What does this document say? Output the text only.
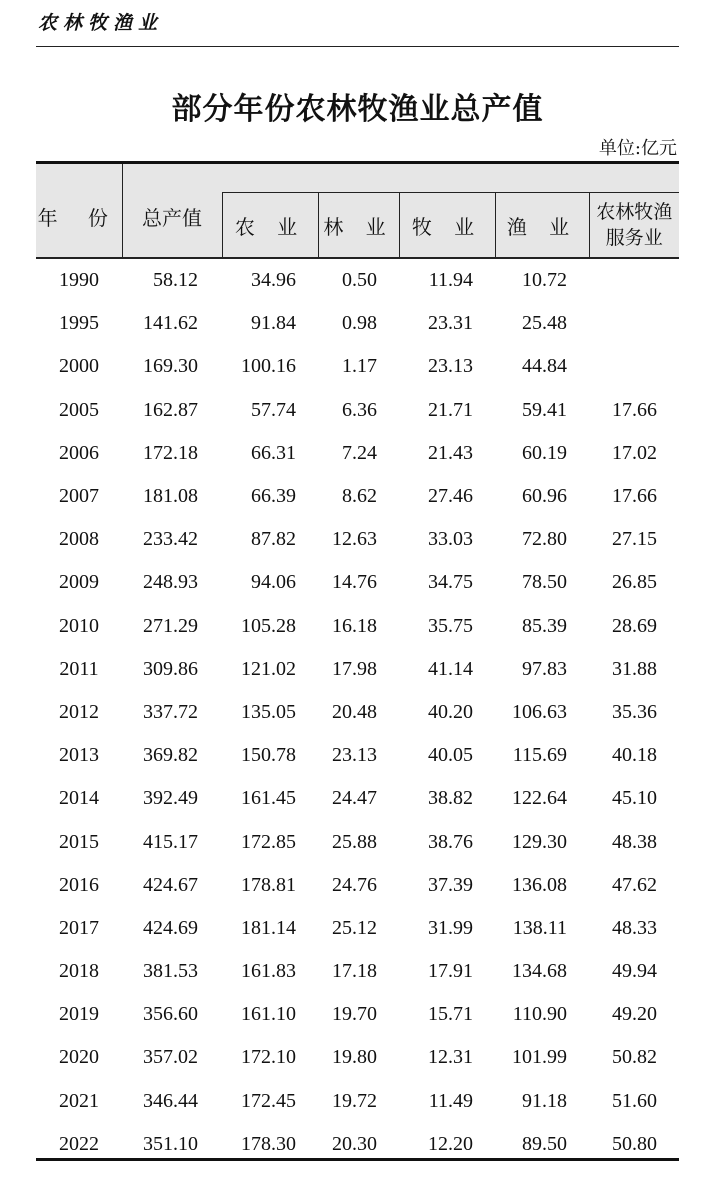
农林牧渔业
部分年份农林牧渔业总产值
单位:亿元
年 份	总产值					
		农 业	林 业	牧 业	渔 业	农林牧渔
服务业

1990	58.12	34.96	0.50	11.94	10.72	
1995	141.62	91.84	0.98	23.31	25.48	
2000	169.30	100.16	1.17	23.13	44.84	
2005	162.87	57.74	6.36	21.71	59.41	17.66
2006	172.18	66.31	7.24	21.43	60.19	17.02
2007	181.08	66.39	8.62	27.46	60.96	17.66
2008	233.42	87.82	12.63	33.03	72.80	27.15
2009	248.93	94.06	14.76	34.75	78.50	26.85
2010	271.29	105.28	16.18	35.75	85.39	28.69
2011	309.86	121.02	17.98	41.14	97.83	31.88
2012	337.72	135.05	20.48	40.20	106.63	35.36
2013	369.82	150.78	23.13	40.05	115.69	40.18
2014	392.49	161.45	24.47	38.82	122.64	45.10
2015	415.17	172.85	25.88	38.76	129.30	48.38
2016	424.67	178.81	24.76	37.39	136.08	47.62
2017	424.69	181.14	25.12	31.99	138.11	48.33
2018	381.53	161.83	17.18	17.91	134.68	49.94
2019	356.60	161.10	19.70	15.71	110.90	49.20
2020	357.02	172.10	19.80	12.31	101.99	50.82
2021	346.44	172.45	19.72	11.49	91.18	51.60
2022	351.10	178.30	20.30	12.20	89.50	50.80
